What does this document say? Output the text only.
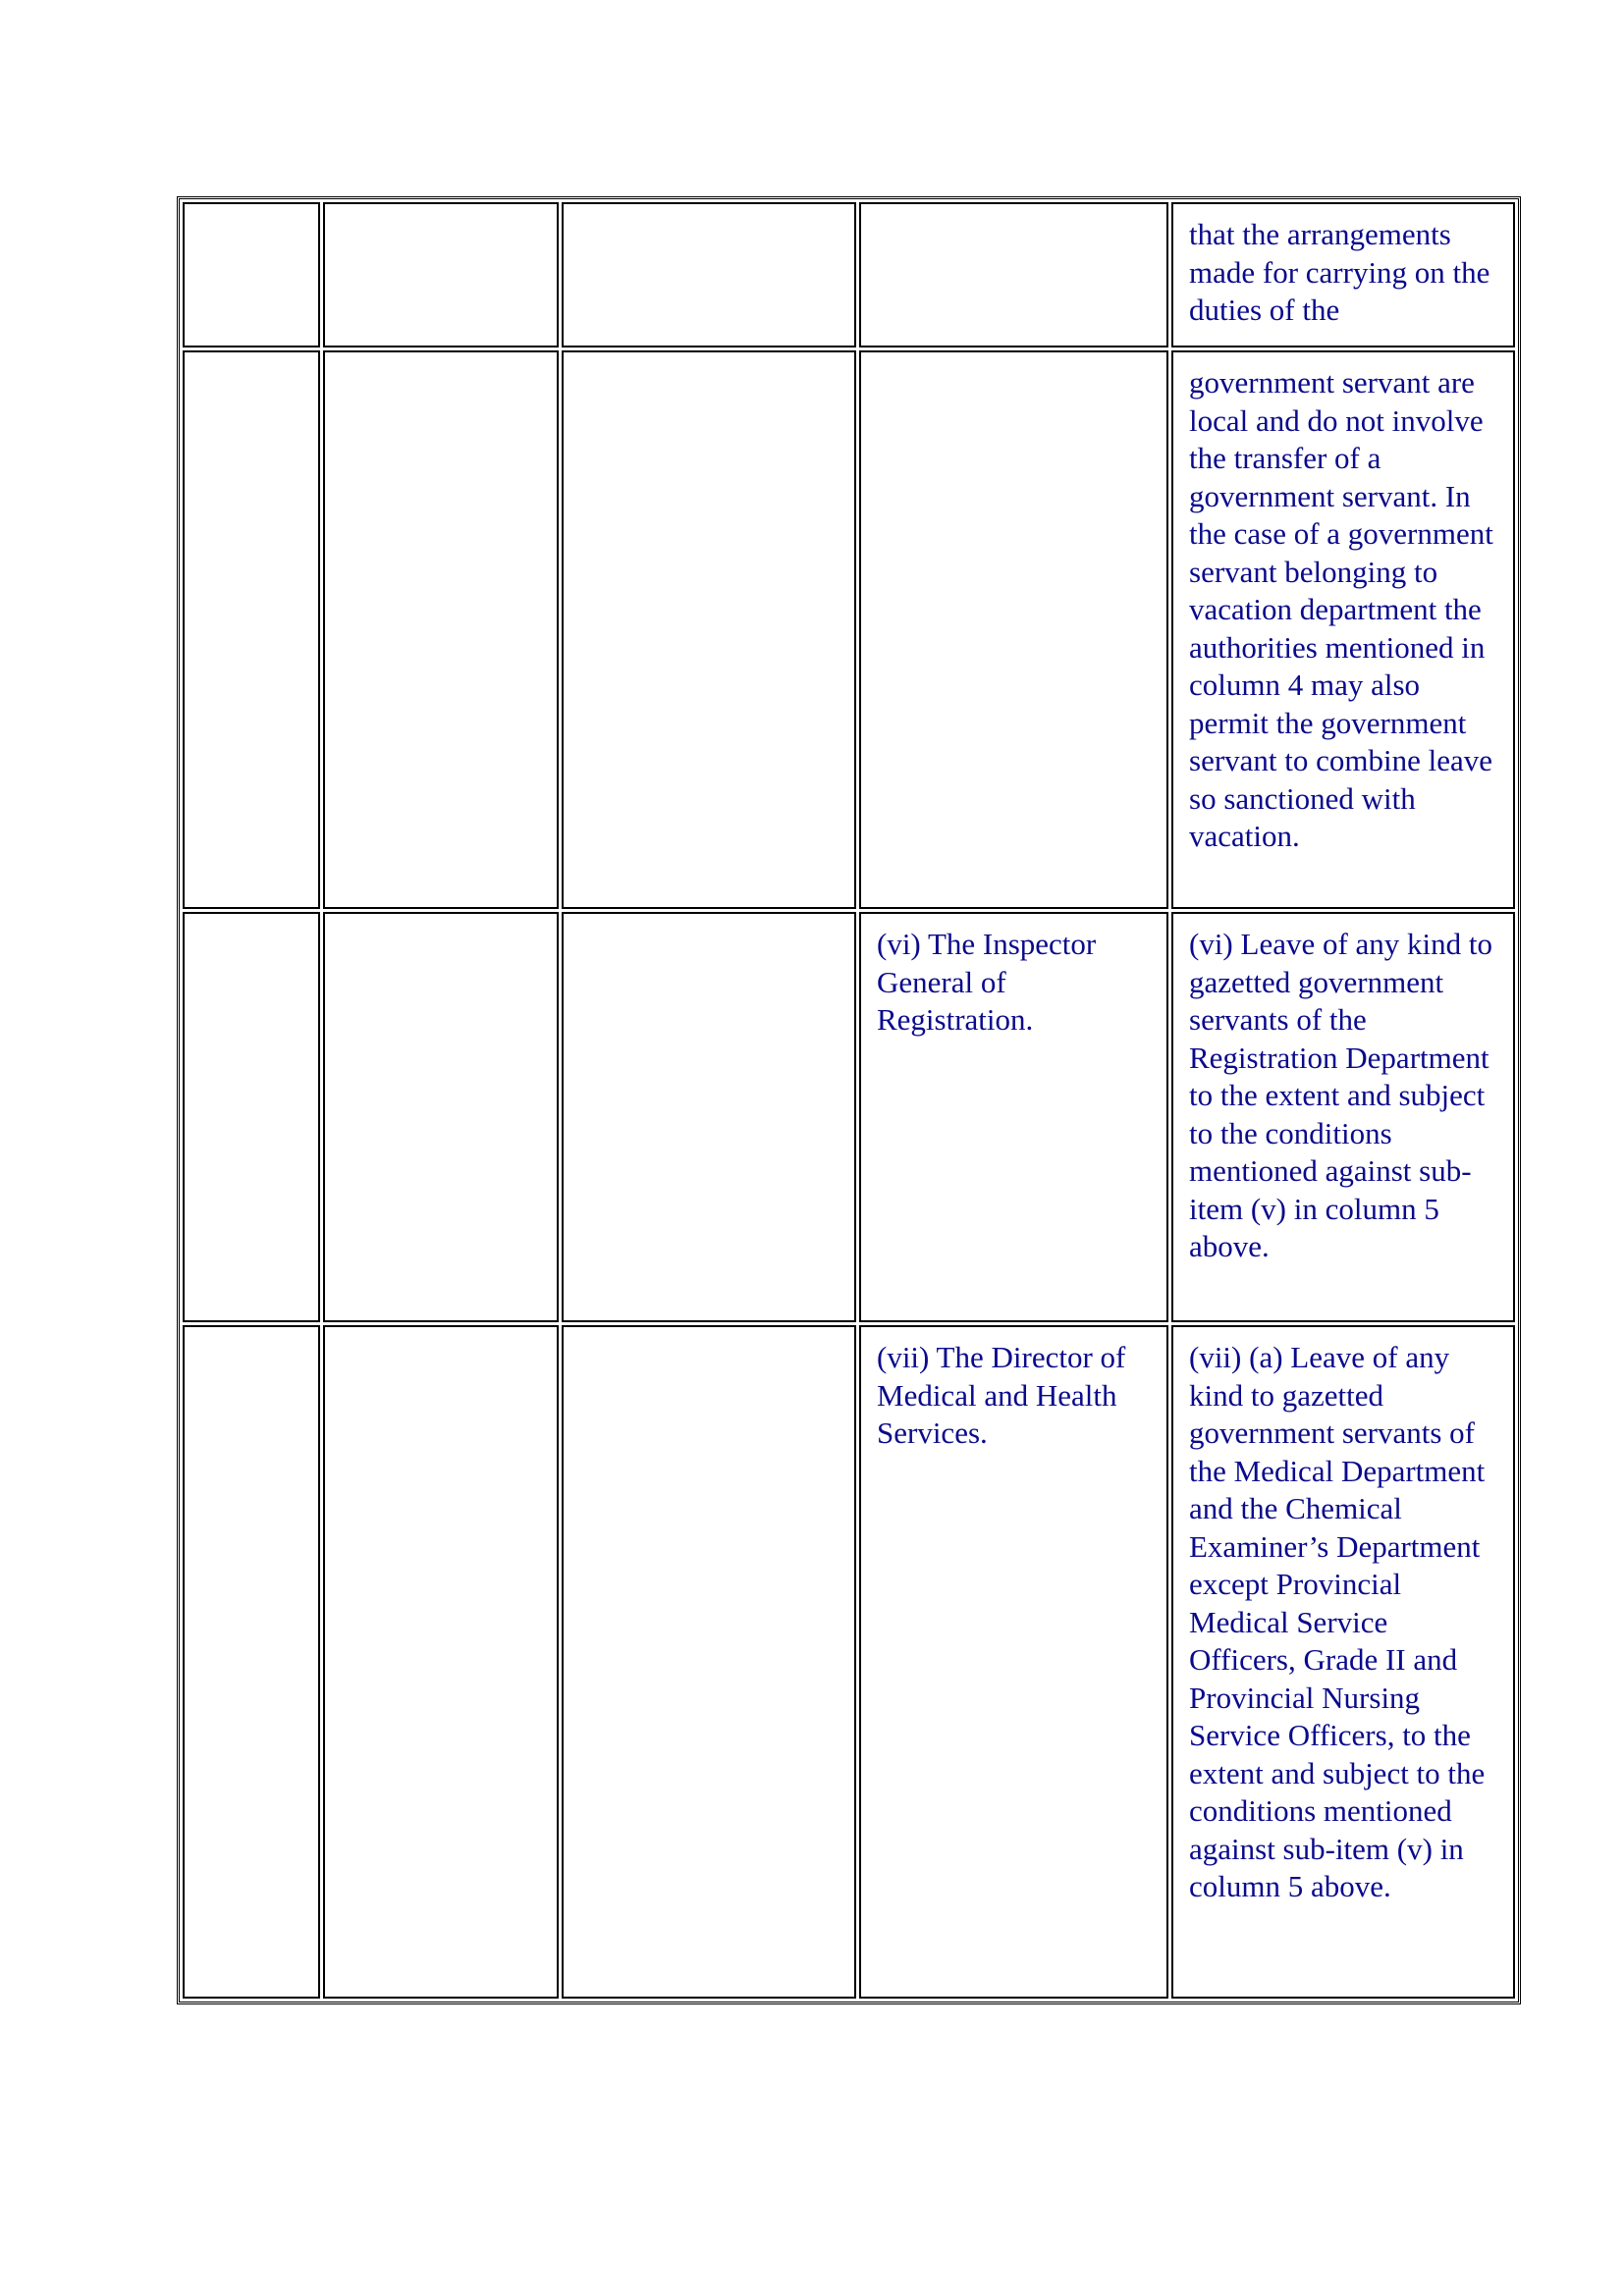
				that the arrangements made for carrying on the duties of the
				government servant are local and do not involve the transfer of a government servant. In the case of a government servant belonging to vacation department the authorities mentioned in column 4 may also permit the government servant to combine leave so sanctioned with vacation.
			(vi) The Inspector General of Registration.	(vi) Leave of any kind to gazetted government servants of the Registration Department to the extent and subject to the conditions mentioned against sub-item (v) in column 5 above.
			(vii) The Director of Medical and Health Services.	(vii) (a) Leave of any kind to gazetted government servants of the Medical Department and the Chemical Examiner’s Department except Provincial Medical Service Officers, Grade II and Provincial Nursing Service Officers, to the extent and subject to the conditions mentioned against sub-item (v) in column 5 above.
